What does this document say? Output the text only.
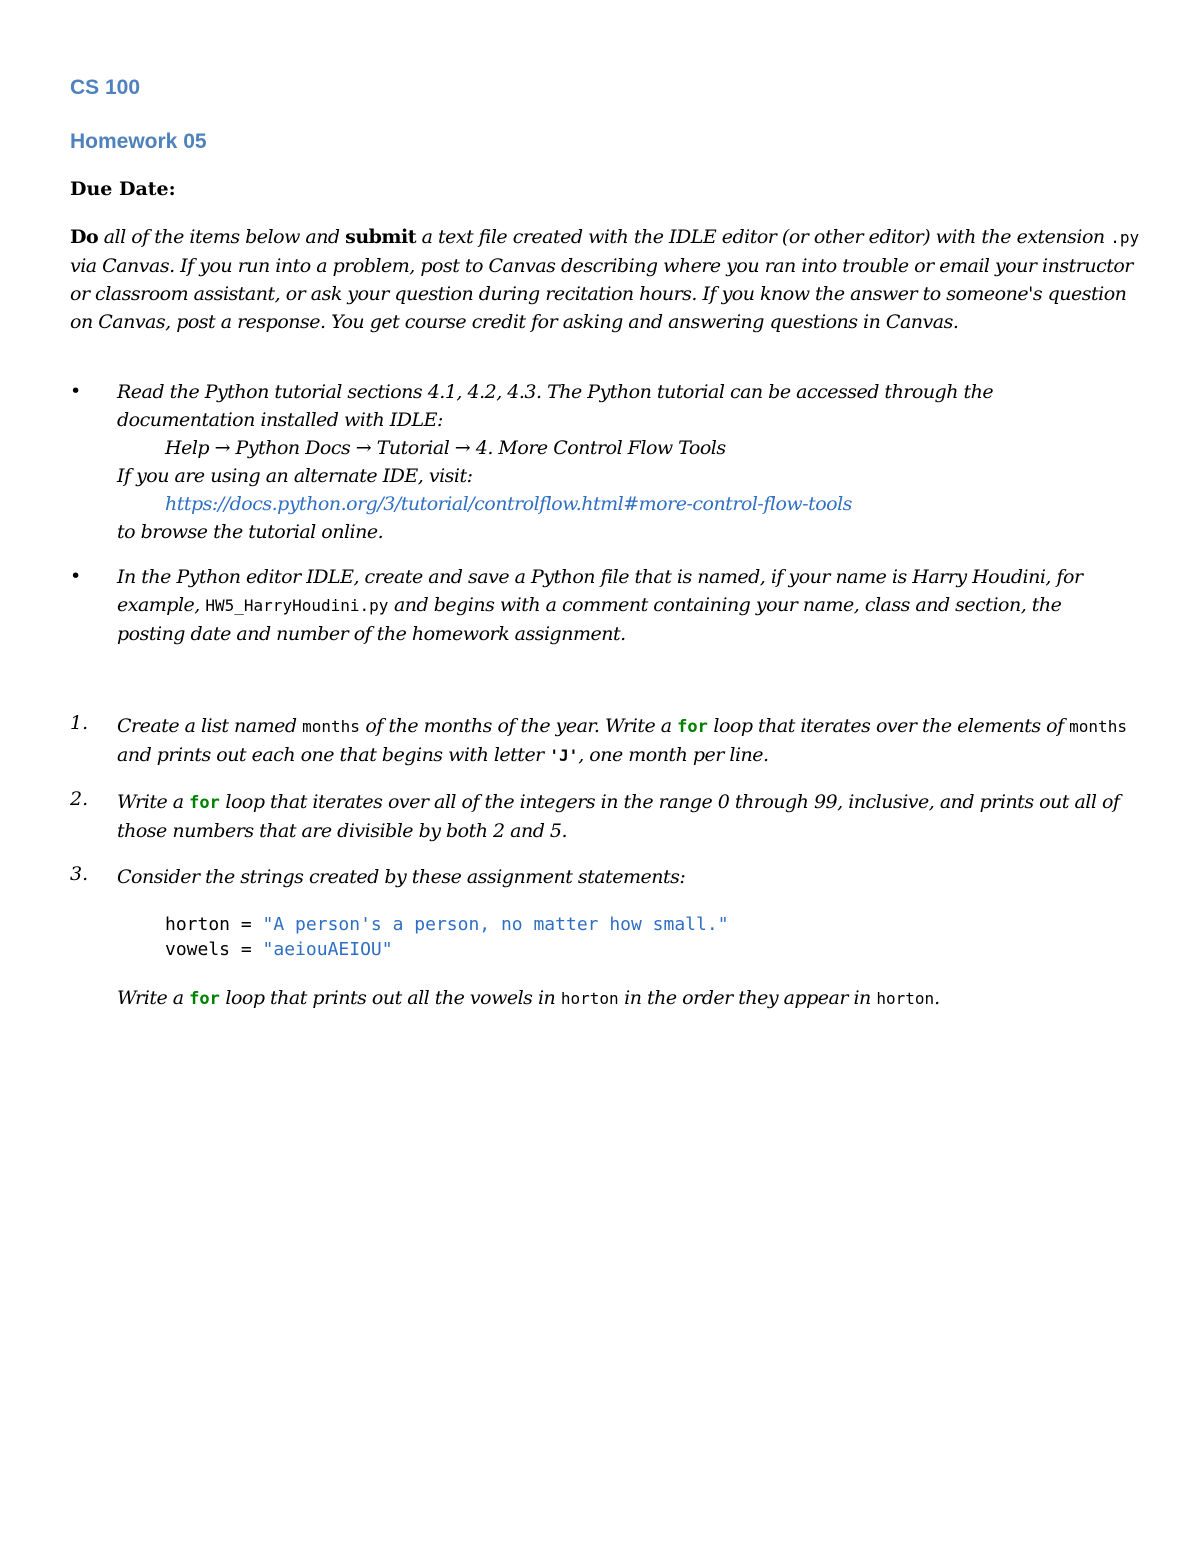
CS 100
Homework 05
Due Date:
Do all of the items below and submit a text file created with the IDLE editor (or other editor) with the extension .py via Canvas. If you run into a problem, post to Canvas describing where you ran into trouble or email your instructor or classroom assistant, or ask your question during recitation hours. If you know the answer to someone's question on Canvas, post a response. You get course credit for asking and answering questions in Canvas.
• Read the Python tutorial sections 4.1, 4.2, 4.3. The Python tutorial can be accessed through the documentation installed with IDLE:
Help → Python Docs → Tutorial → 4. More Control Flow Tools
If you are using an alternate IDE, visit:
https://docs.python.org/3/tutorial/controlflow.html#more-control-flow-tools
to browse the tutorial online.
• In the Python editor IDLE, create and save a Python file that is named, if your name is Harry Houdini, for example, HW5_HarryHoudini.py and begins with a comment containing your name, class and section, the posting date and number of the homework assignment.
1. Create a list named months of the months of the year. Write a for loop that iterates over the elements of months and prints out each one that begins with letter 'J', one month per line.
2. Write a for loop that iterates over all of the integers in the range 0 through 99, inclusive, and prints out all of those numbers that are divisible by both 2 and 5.
3. Consider the strings created by these assignment statements:
horton = "A person's a person, no matter how small."
vowels = "aeiouAEIOU"
Write a for loop that prints out all the vowels in horton in the order they appear in horton.
